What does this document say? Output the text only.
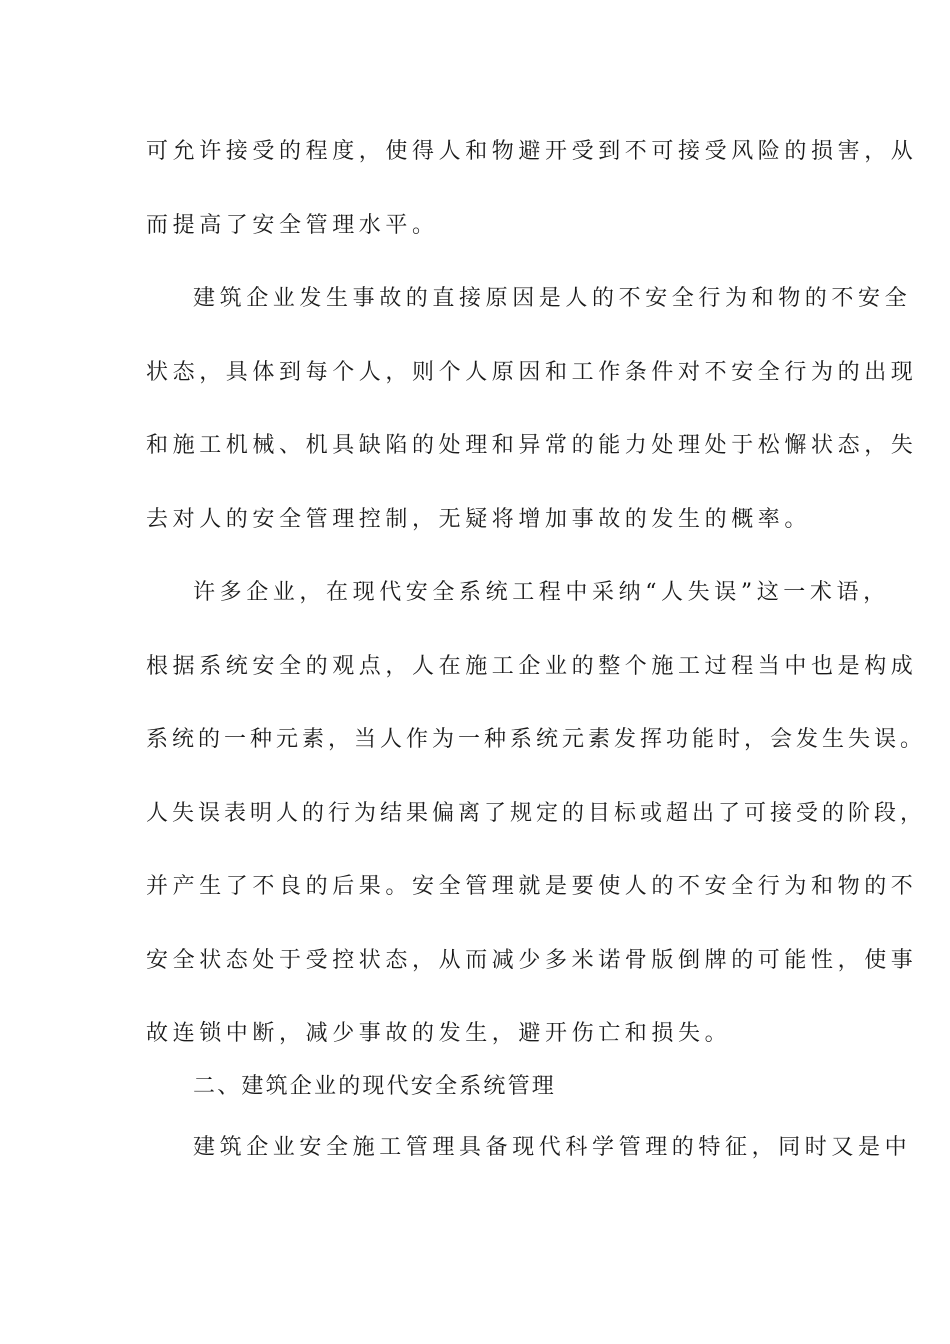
可允许接受的程度，使得人和物避开受到不可接受风险的损害，从
而提高了安全管理水平。
建筑企业发生事故的直接原因是人的不安全行为和物的不安全
状态，具体到每个人，则个人原因和工作条件对不安全行为的出现
和施工机械、机具缺陷的处理和异常的能力处理处于松懈状态，失
去对人的安全管理控制，无疑将增加事故的发生的概率。
许多企业，在现代安全系统工程中采纳“人失误”这一术语，
根据系统安全的观点，人在施工企业的整个施工过程当中也是构成
系统的一种元素，当人作为一种系统元素发挥功能时，会发生失误。
人失误表明人的行为结果偏离了规定的目标或超出了可接受的阶段，
并产生了不良的后果。安全管理就是要使人的不安全行为和物的不
安全状态处于受控状态，从而减少多米诺骨版倒牌的可能性，使事
故连锁中断，减少事故的发生，避开伤亡和损失。
二、建筑企业的现代安全系统管理
建筑企业安全施工管理具备现代科学管理的特征，同时又是中
